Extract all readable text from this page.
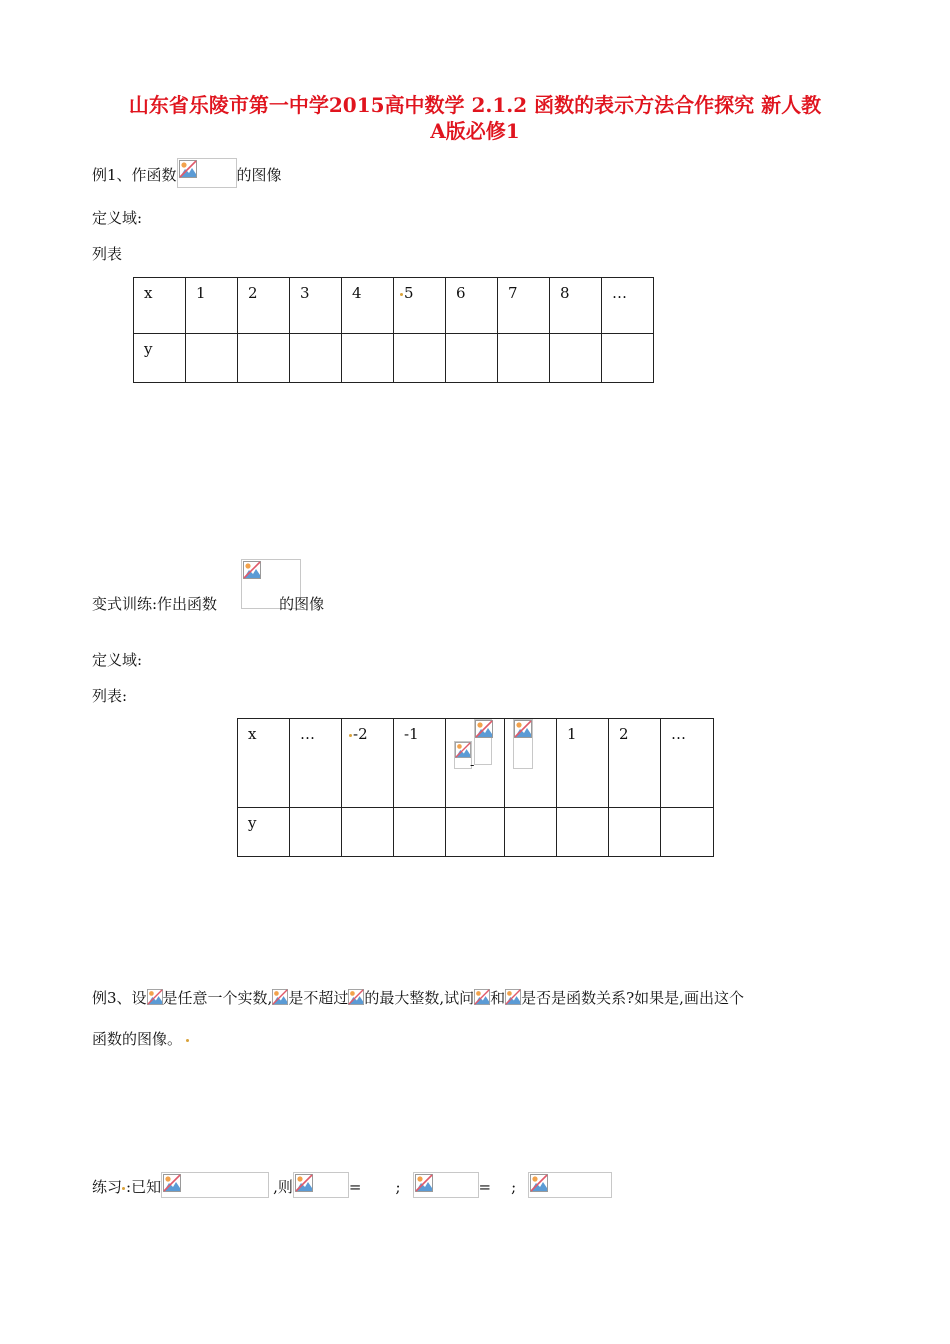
山东省乐陵市第一中学2015高中数学 2.1.2 函数的表示方法合作探究 新人教
A版必修1
例1、作函数	的图像
定义域:
列表
x	1	2	3	4	5	6	7	8	…
y									
变式训练:作出函数	的图像
定义域:
列表:
x	…	-2	-1	-		1	2	…
y								
例3、设 是任意一个实数, 是不超过 的最大整数,试问 和 是否是函数关系?如果是,画出这个
函数的图像。
练习 :已知	,则	= ;	= ;
